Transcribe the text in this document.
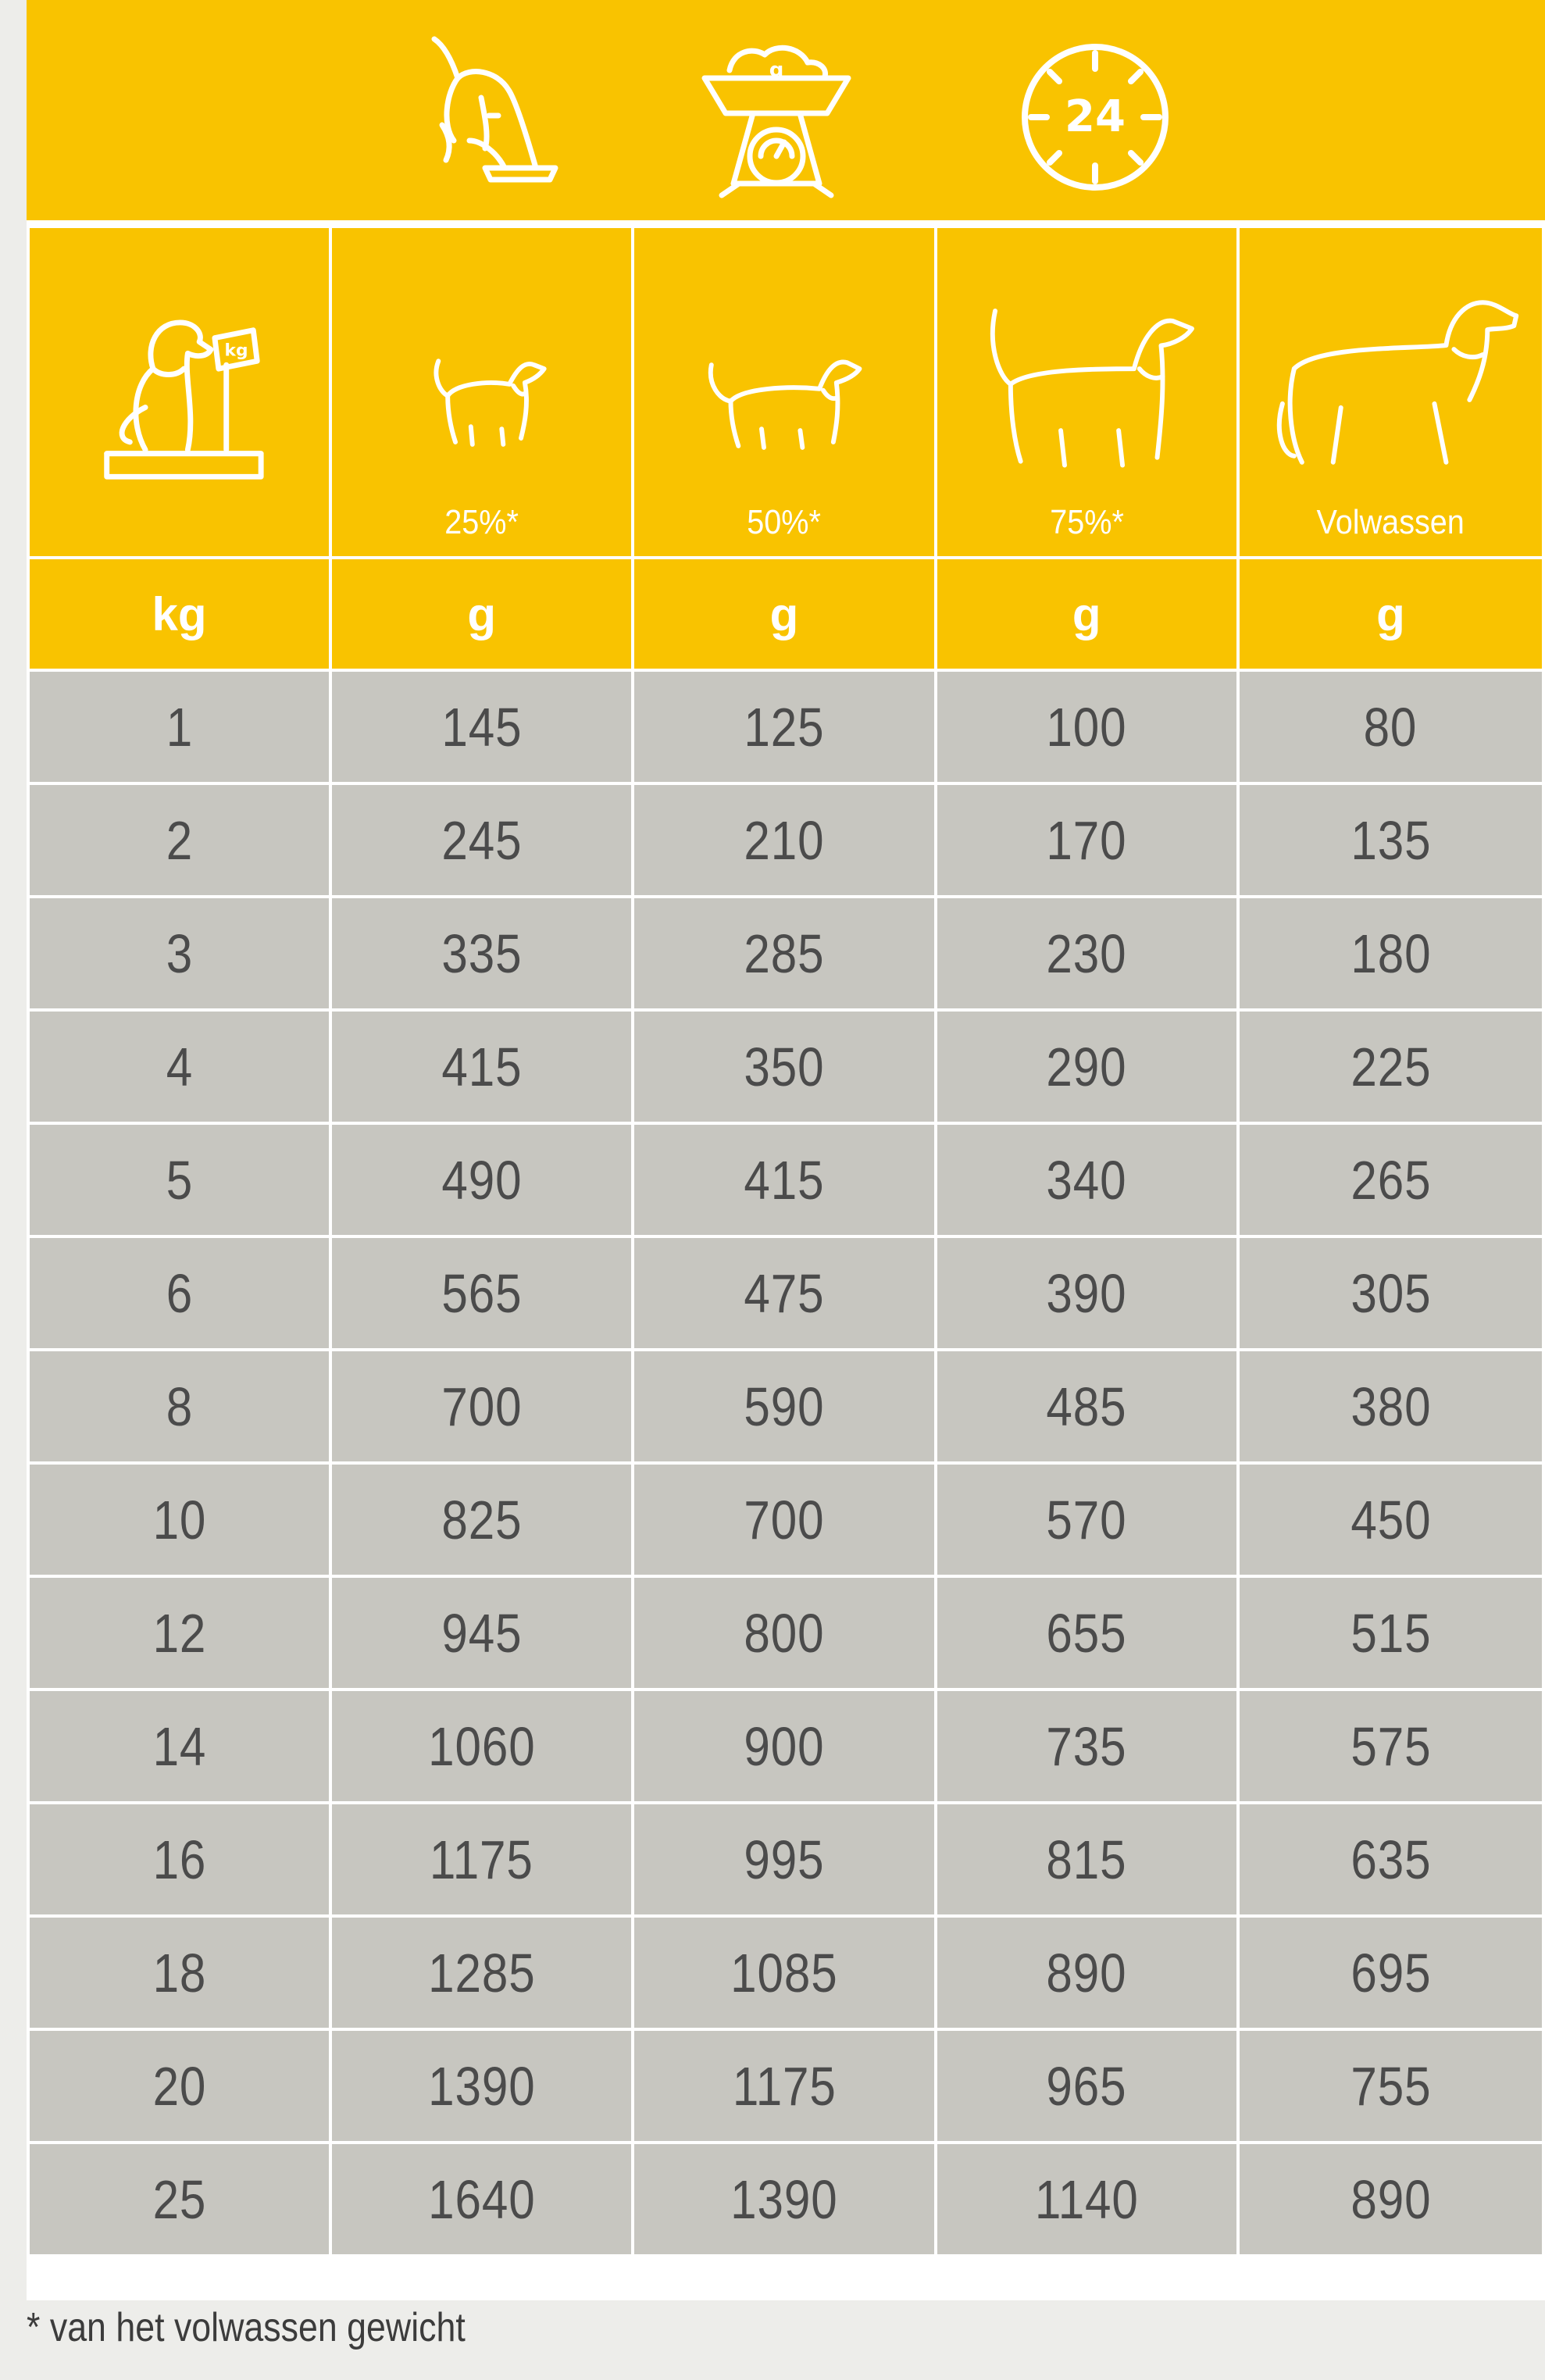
g
24
kg	25%*	50%*	75%*	Volwassen

kg	g	g	g	g
1	145	125	100	80
2	245	210	170	135
3	335	285	230	180
4	415	350	290	225
5	490	415	340	265
6	565	475	390	305
8	700	590	485	380
10	825	700	570	450
12	945	800	655	515
14	1060	900	735	575
16	1175	995	815	635
18	1285	1085	890	695
20	1390	1175	965	755
25	1640	1390	1140	890
* van het volwassen gewicht
